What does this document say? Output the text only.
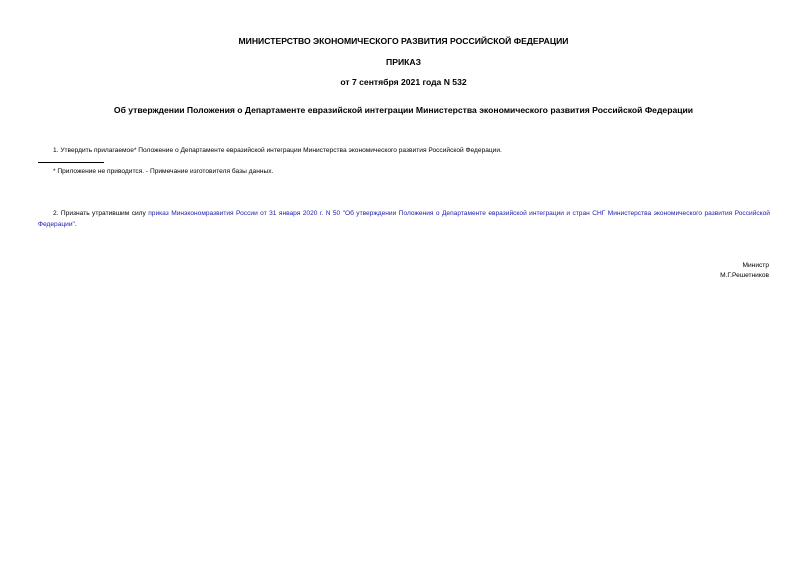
МИНИСТЕРСТВО ЭКОНОМИЧЕСКОГО РАЗВИТИЯ РОССИЙСКОЙ ФЕДЕРАЦИИ
ПРИКАЗ
от 7 сентября 2021 года N 532
Об утверждении Положения о Департаменте евразийской интеграции Министерства экономического развития Российской Федерации
1. Утвердить прилагаемое* Положение о Департаменте евразийской интеграции Министерства экономического развития Российской Федерации.
* Приложение не приводится. - Примечание изготовителя базы данных.
2. Признать утратившим силу приказ Минэкономразвития России от 31 января 2020 г. N 50 "Об утверждении Положения о Департаменте евразийской интеграции и стран СНГ Министерства экономического развития Российской Федерации".
Министр
М.Г.Решетников
